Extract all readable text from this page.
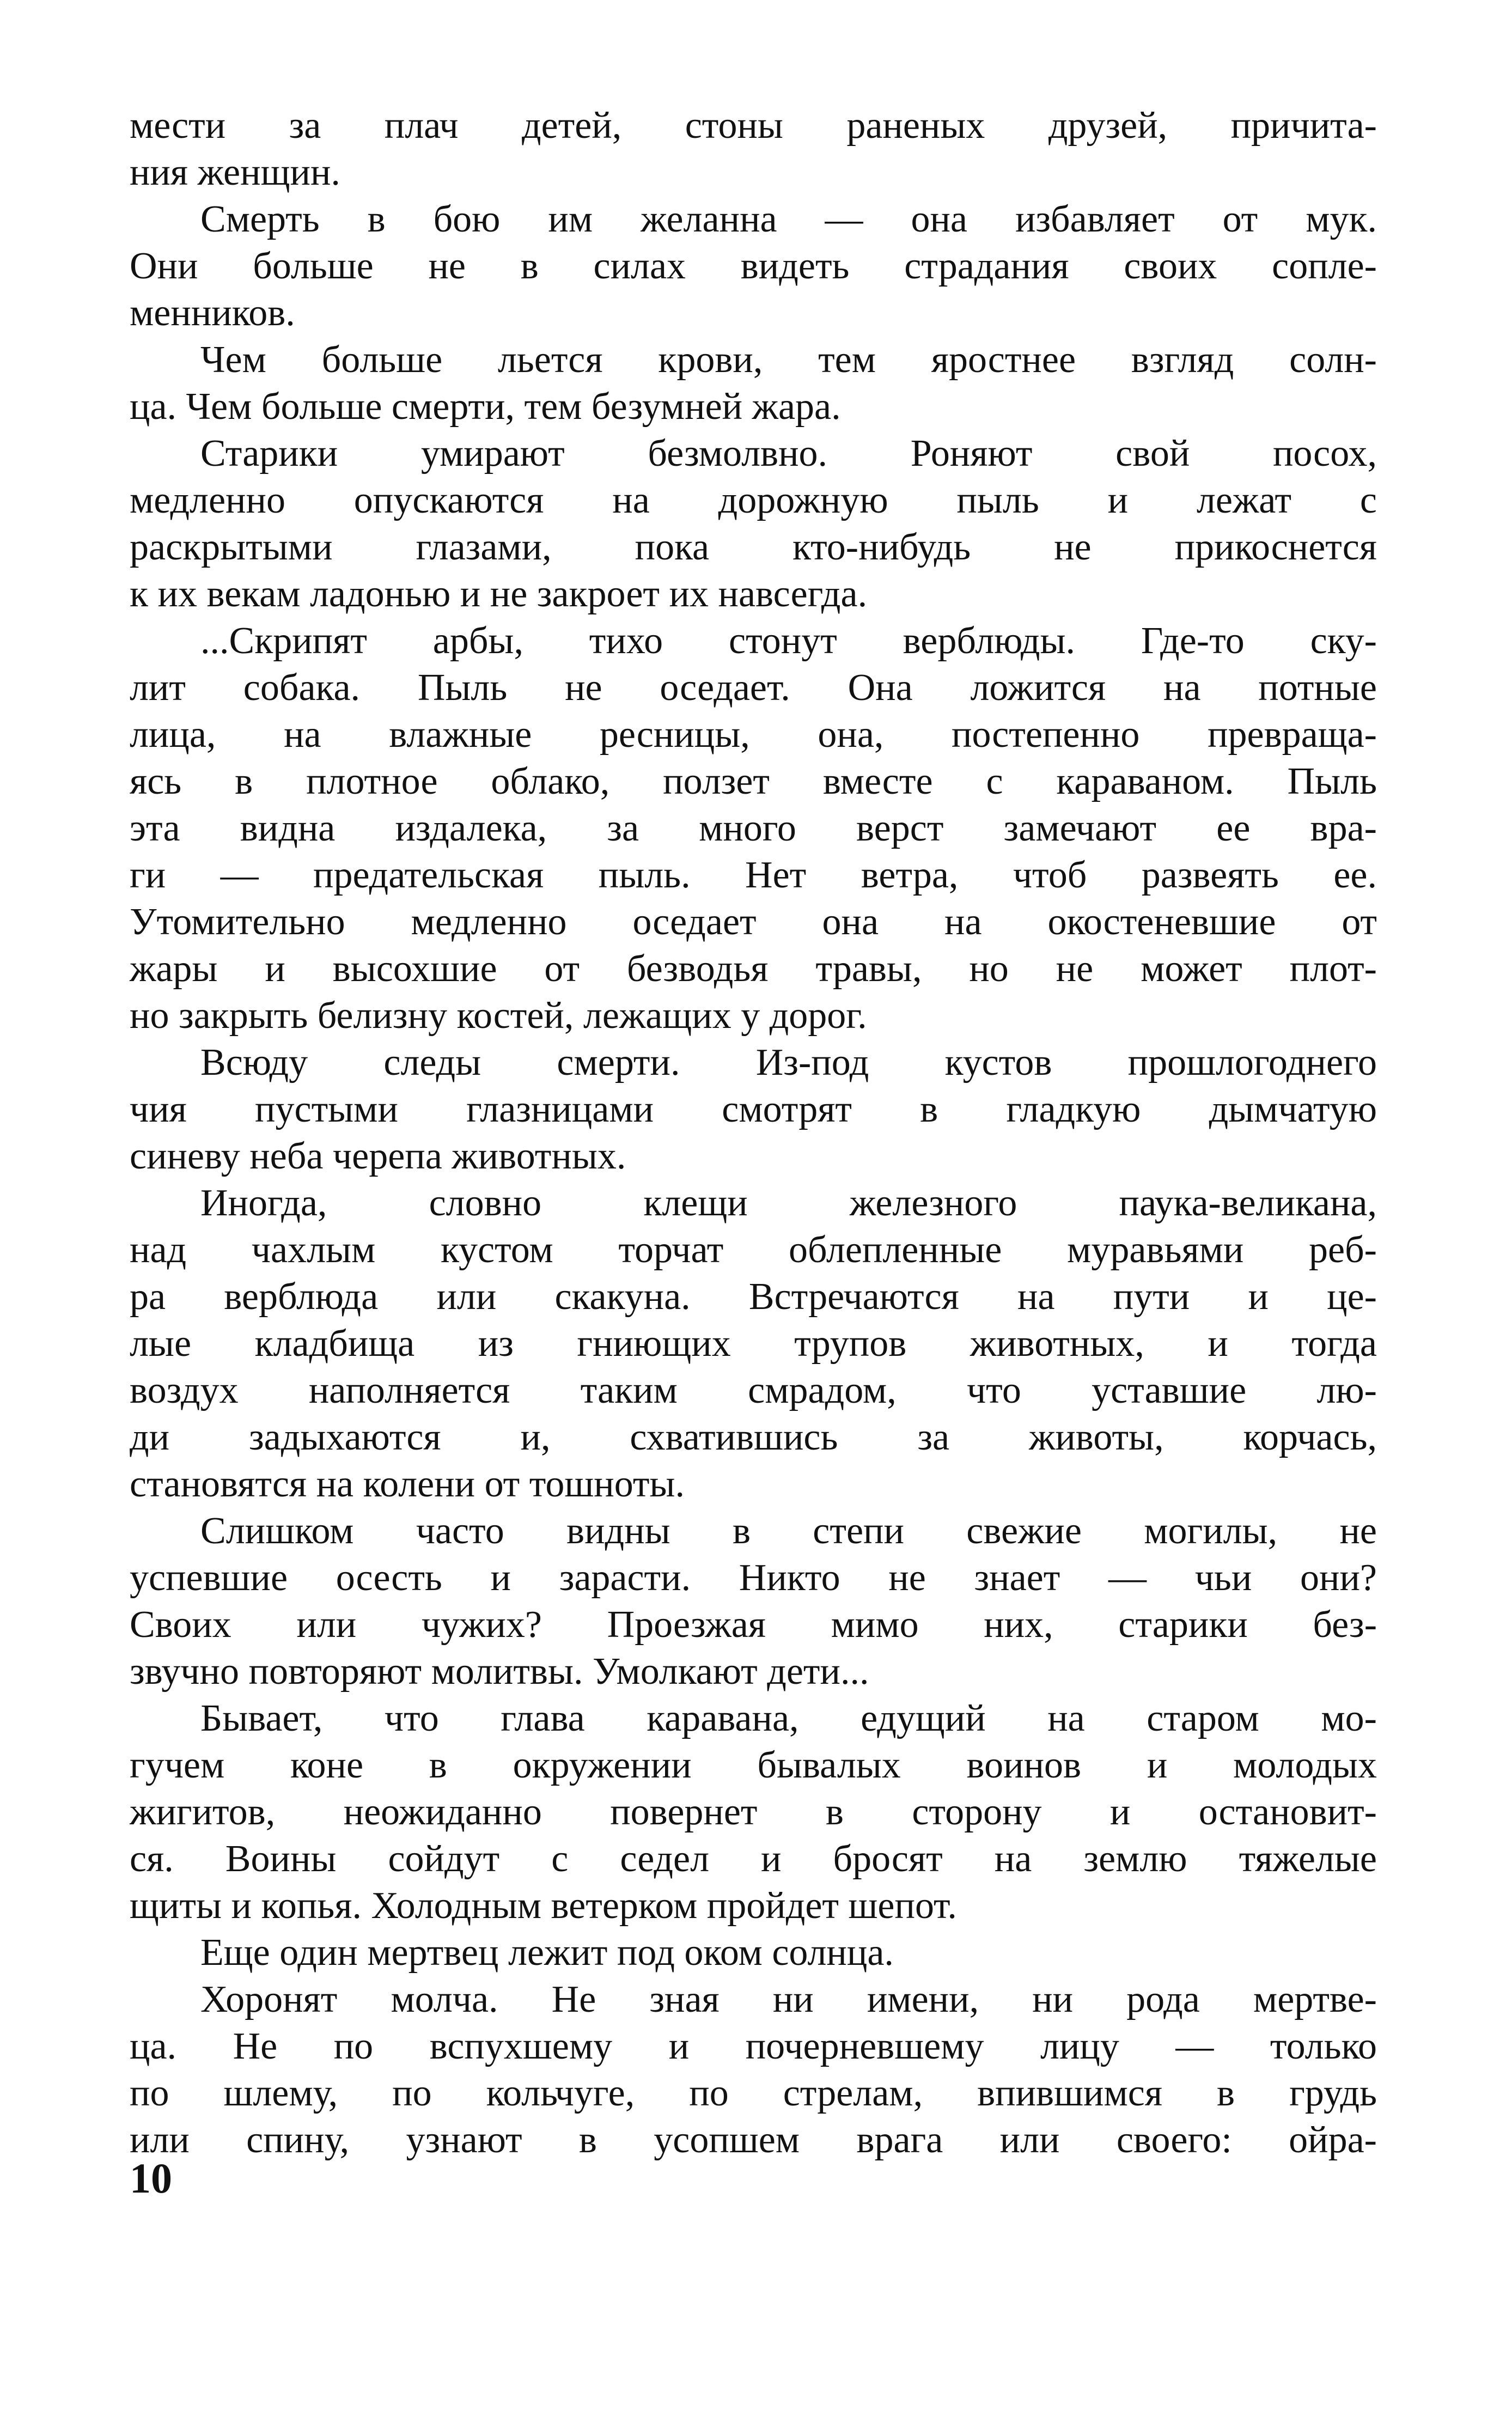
мести за плач детей, стоны раненых друзей, причита-
ния женщин.
Смерть в бою им желанна — она избавляет от мук.
Они больше не в силах видеть страдания своих сопле-
менников.
Чем больше льется крови, тем яростнее взгляд солн-
ца. Чем больше смерти, тем безумней жара.
Старики умирают безмолвно. Роняют свой посох,
медленно опускаются на дорожную пыль и лежат с
раскрытыми глазами, пока кто-нибудь не прикоснется
к их векам ладонью и не закроет их навсегда.
...Скрипят арбы, тихо стонут верблюды. Где-то ску-
лит собака. Пыль не оседает. Она ложится на потные
лица, на влажные ресницы, она, постепенно превраща-
ясь в плотное облако, ползет вместе с караваном. Пыль
эта видна издалека, за много верст замечают ее вра-
ги — предательская пыль. Нет ветра, чтоб развеять ее.
Утомительно медленно оседает она на окостеневшие от
жары и высохшие от безводья травы, но не может плот-
но закрыть белизну костей, лежащих у дорог.
Всюду следы смерти. Из-под кустов прошлогоднего
чия пустыми глазницами смотрят в гладкую дымчатую
синеву неба черепа животных.
Иногда, словно клещи железного паука-великана,
над чахлым кустом торчат облепленные муравьями реб-
ра верблюда или скакуна. Встречаются на пути и це-
лые кладбища из гниющих трупов животных, и тогда
воздух наполняется таким смрадом, что уставшие лю-
ди задыхаются и, схватившись за животы, корчась,
становятся на колени от тошноты.
Слишком часто видны в степи свежие могилы, не
успевшие осесть и зарасти. Никто не знает — чьи они?
Своих или чужих? Проезжая мимо них, старики без-
звучно повторяют молитвы. Умолкают дети...
Бывает, что глава каравана, едущий на старом мо-
гучем коне в окружении бывалых воинов и молодых
жигитов, неожиданно повернет в сторону и остановит-
ся. Воины сойдут с седел и бросят на землю тяжелые
щиты и копья. Холодным ветерком пройдет шепот.
Еще один мертвец лежит под оком солнца.
Хоронят молча. Не зная ни имени, ни рода мертве-
ца. Не по вспухшему и почерневшему лицу — только
по шлему, по кольчуге, по стрелам, впившимся в грудь
или спину, узнают в усопшем врага или своего: ойра-
10
